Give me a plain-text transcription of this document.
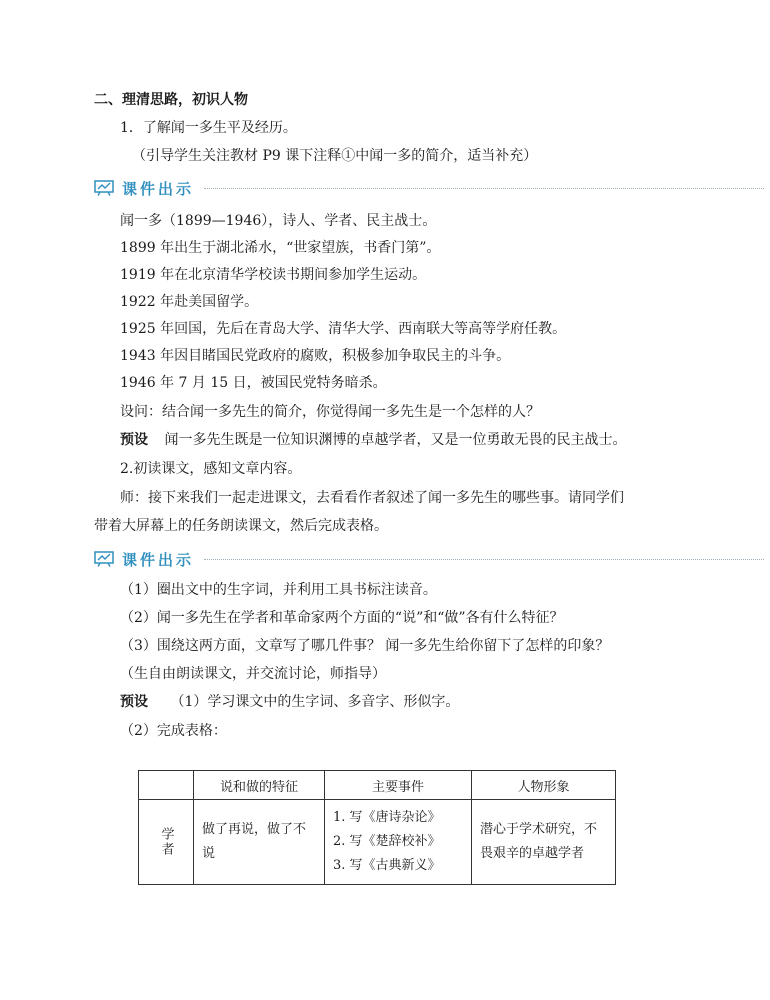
二、理清思路，初识人物
1．了解闻一多生平及经历。
（引导学生关注教材 P9 课下注释①中闻一多的简介，适当补充）
课件出示
闻一多（1899—1946），诗人、学者、民主战士。
1899 年出生于湖北浠水，“世家望族，书香门第”。
1919 年在北京清华学校读书期间参加学生运动。
1922 年赴美国留学。
1925 年回国，先后在青岛大学、清华大学、西南联大等高等学府任教。
1943 年因目睹国民党政府的腐败，积极参加争取民主的斗争。
1946 年 7 月 15 日，被国民党特务暗杀。
设问：结合闻一多先生的简介，你觉得闻一多先生是一个怎样的人？
预设 闻一多先生既是一位知识渊博的卓越学者，又是一位勇敢无畏的民主战士。
2.初读课文，感知文章内容。
师：接下来我们一起走进课文，去看看作者叙述了闻一多先生的哪些事。请同学们
带着大屏幕上的任务朗读课文，然后完成表格。
课件出示
（1）圈出文中的生字词，并利用工具书标注读音。
（2）闻一多先生在学者和革命家两个方面的“说”和“做”各有什么特征？
（3）围绕这两方面，文章写了哪几件事？ 闻一多先生给你留下了怎样的印象？
（生自由朗读课文，并交流讨论，师指导）
预设 （1）学习课文中的生字词、多音字、形似字。
（2）完成表格：
	说和做的特征	主要事件	人物形象

学者	做了再说，做了不说	1. 写《唐诗杂论》
2. 写《楚辞校补》
3. 写《古典新义》	潜心于学术研究，不畏艰辛的卓越学者
